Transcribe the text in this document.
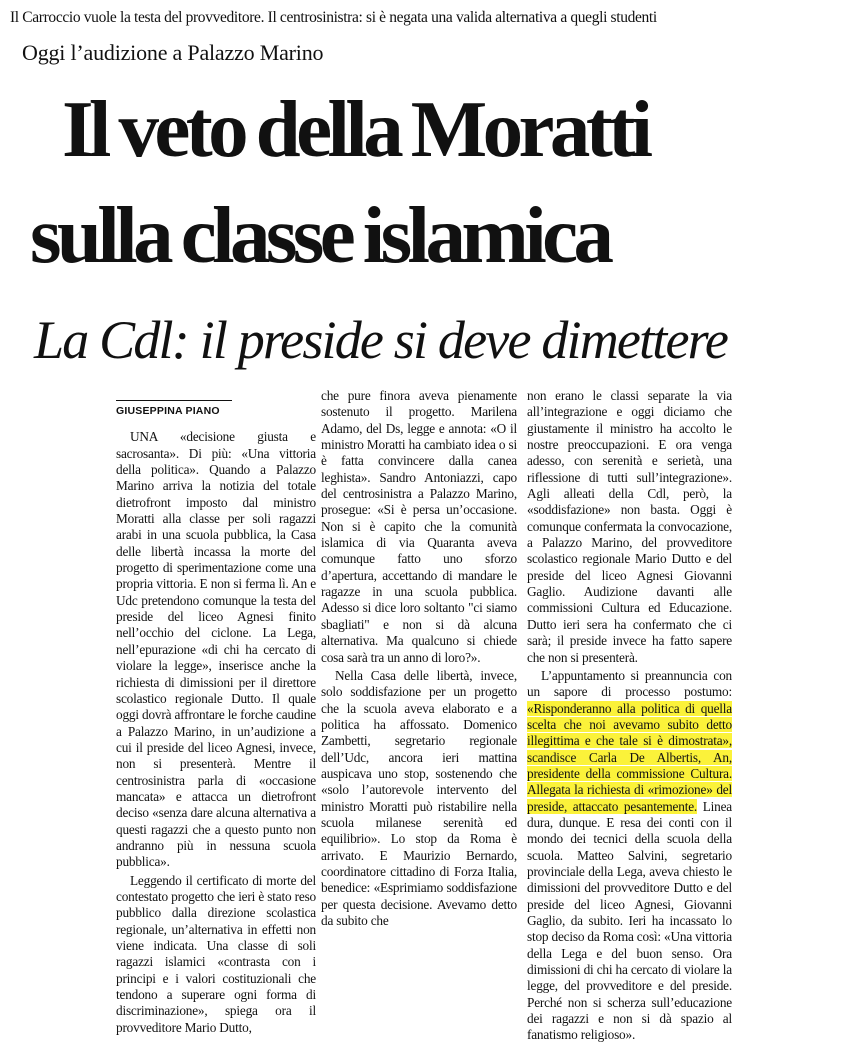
Il Carroccio vuole la testa del provveditore. Il centrosinistra: si è negata una valida alternativa a quegli studenti
Oggi l’audizione a Palazzo Marino
Il veto della Moratti
sulla classe islamica
La Cdl: il preside si deve dimettere
GIUSEPPINA PIANO

UNA «decisione giusta e sacrosanta». Di più: «Una vittoria della politica». Quando a Palazzo Marino arriva la notizia del totale dietrofront imposto dal ministro Moratti alla classe per soli ragazzi arabi in una scuola pubblica, la Casa delle libertà incassa la morte del progetto di sperimentazione come una propria vittoria. E non si ferma lì. An e Udc pretendono comunque la testa del preside del liceo Agnesi finito nell’occhio del ciclone. La Lega, nell’epurazione «di chi ha cercato di violare la legge», inserisce anche la richiesta di dimissioni per il direttore scolastico regionale Dutto. Il quale oggi dovrà affrontare le forche caudine a Palazzo Marino, in un’audizione a cui il preside del liceo Agnesi, invece, non si presenterà. Mentre il centrosinistra parla di «occasione mancata» e attacca un dietrofront deciso «senza dare alcuna alternativa a questi ragazzi che a questo punto non andranno più in nessuna scuola pubblica».

Leggendo il certificato di morte del contestato progetto che ieri è stato reso pubblico dalla direzione scolastica regionale, un’alternativa in effetti non viene indicata. Una classe di soli ragazzi islamici «contrasta con i principi e i valori costituzionali che tendono a superare ogni forma di discriminazione», spiega ora il provveditore Mario Dutto,

che pure finora aveva pienamente sostenuto il progetto. Marilena Adamo, del Ds, legge e annota: «O il ministro Moratti ha cambiato idea o si è fatta convincere dalla canea leghista». Sandro Antoniazzi, capo del centrosinistra a Palazzo Marino, prosegue: «Si è persa un’occasione. Non si è capito che la comunità islamica di via Quaranta aveva comunque fatto uno sforzo d’apertura, accettando di mandare le ragazze in una scuola pubblica. Adesso si dice loro soltanto "ci siamo sbagliati" e non si dà alcuna alternativa. Ma qualcuno si chiede cosa sarà tra un anno di loro?».

Nella Casa delle libertà, invece, solo soddisfazione per un progetto che la scuola aveva elaborato e a politica ha affossato. Domenico Zambetti, segretario regionale dell’Udc, ancora ieri mattina auspicava uno stop, sostenendo che «solo l’autorevole intervento del ministro Moratti può ristabilire nella scuola milanese serenità ed equilibrio». Lo stop da Roma è arrivato. E Maurizio Bernardo, coordinatore cittadino di Forza Italia, benedice: «Esprimiamo soddisfazione per questa decisione. Avevamo detto da subito che

non erano le classi separate la via all’integrazione e oggi diciamo che giustamente il ministro ha accolto le nostre preoccupazioni. E ora venga adesso, con serenità e serietà, una riflessione di tutti sull’integrazione». Agli alleati della Cdl, però, la «soddisfazione» non basta. Oggi è comunque confermata la convocazione, a Palazzo Marino, del provveditore scolastico regionale Mario Dutto e del preside del liceo Agnesi Giovanni Gaglio. Audizione davanti alle commissioni Cultura ed Educazione. Dutto ieri sera ha confermato che ci sarà; il preside invece ha fatto sapere che non si presenterà.

L’appuntamento si preannuncia con un sapore di processo postumo: «Risponderanno alla politica di quella scelta che noi avevamo subito detto illegittima e che tale si è dimostrata», scandisce Carla De Albertis, An, presidente della commissione Cultura. Allegata la richiesta di «rimozione» del preside, attaccato pesantemente. Linea dura, dunque. E resa dei conti con il mondo dei tecnici della scuola della scuola. Matteo Salvini, segretario provinciale della Lega, aveva chiesto le dimissioni del provveditore Dutto e del preside del liceo Agnesi, Giovanni Gaglio, da subito. Ieri ha incassato lo stop deciso da Roma così: «Una vittoria della Lega e del buon senso. Ora dimissioni di chi ha cercato di violare la legge, del provveditore e del preside. Perché non si scherza sull’educazione dei ragazzi e non si dà spazio al fanatismo religioso».
